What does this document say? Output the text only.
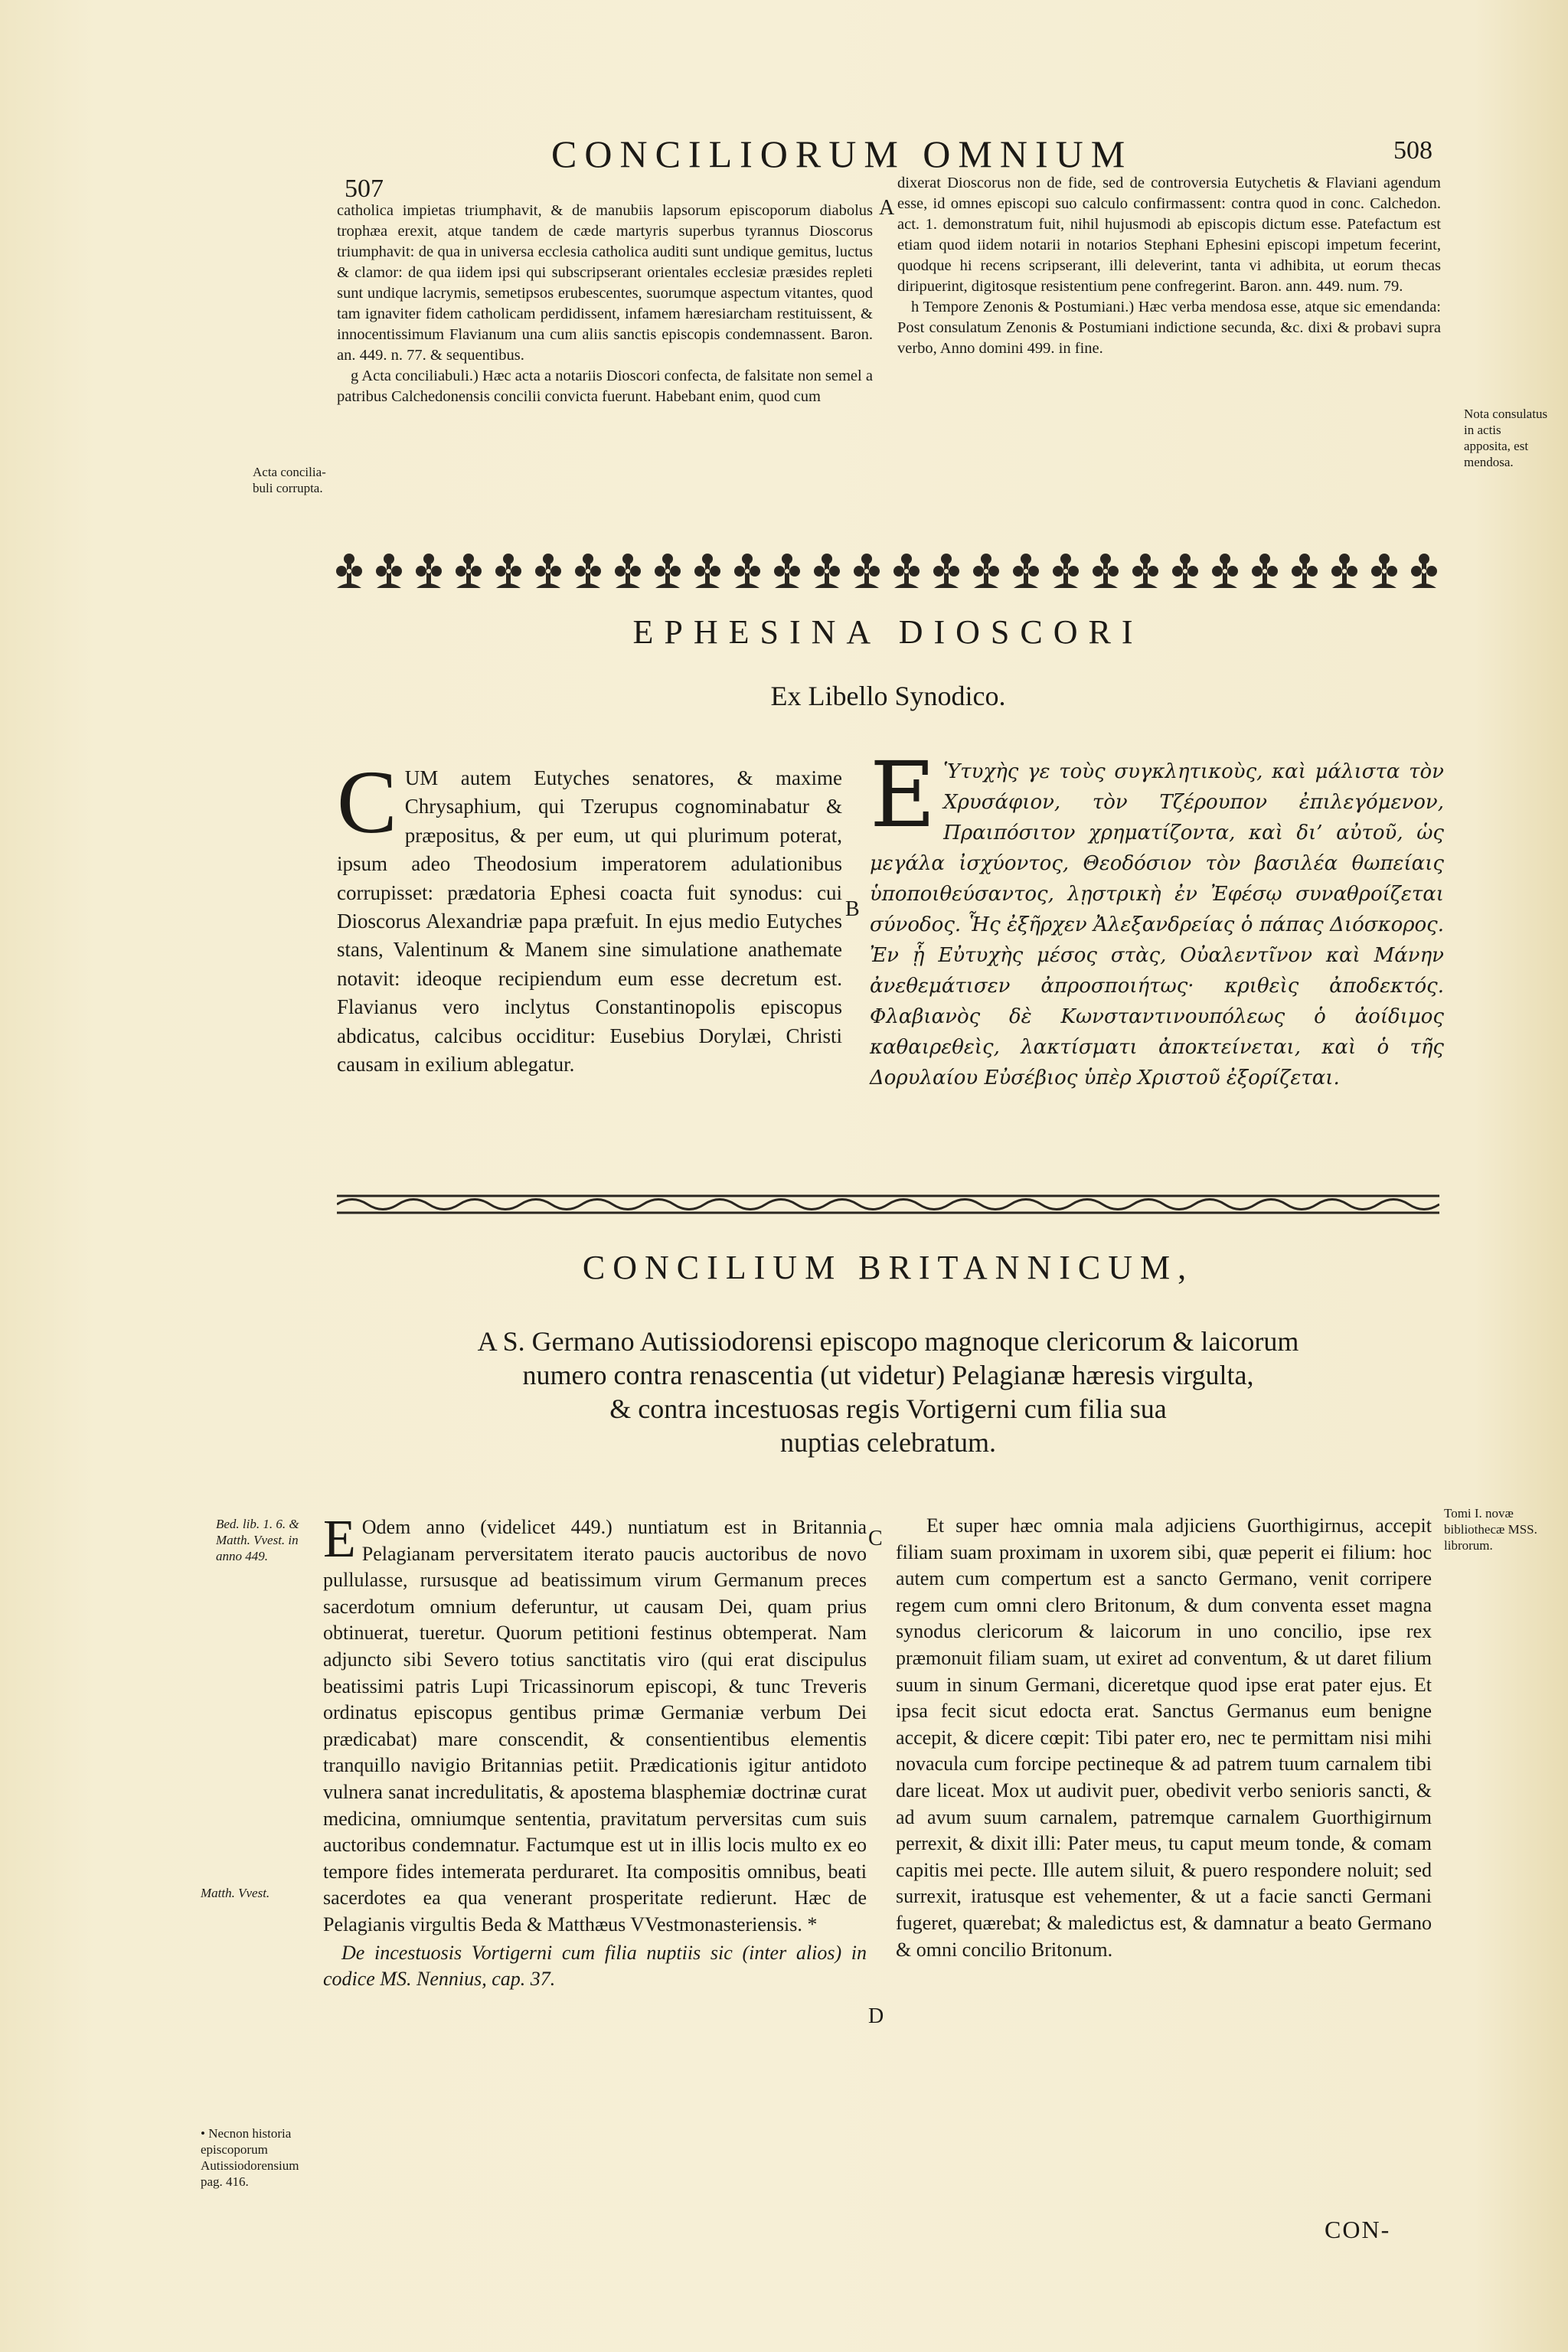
507
CONCILIORUM OMNIUM	508

catholica impietas triumphavit, & de manubiis lapsorum episcoporum diabolus trophæa erexit, atque tandem de cæde martyris superbus tyrannus Dioscorus triumphavit: de qua in universa ecclesia catholica auditi sunt undique gemitus, luctus & clamor: de qua iidem ipsi qui subscripserant orientales ecclesiæ præsides repleti sunt undique lacrymis, semetipsos erubescentes, suorumque aspectum vitantes, quod tam ignaviter fidem catholicam perdidissent, infamem hæresiarcham restituissent, & innocentissimum Flavianum una cum aliis sanctis episcopis condemnassent. Baron. an. 449. n. 77. & sequentibus.

g Acta conciliabuli.) Hæc acta a notariis Dioscori confecta, de falsitate non semel a patribus Calchedonensis concilii convicta fuerunt. Habebant enim, quod cum

Acta concilia-buli corrupta.
A

dixerat Dioscorus non de fide, sed de controversia Eutychetis & Flaviani agendum esse, id omnes episcopi suo calculo confirmassent: contra quod in conc. Calchedon. act. 1. demonstratum fuit, nihil hujusmodi ab episcopis dictum esse. Patefactum est etiam quod iidem notarii in notarios Stephani Ephesini episcopi impetum fecerint, quodque hi recens scripserant, illi deleverint, tanta vi adhibita, ut eorum thecas diripuerint, digitosque resistentium pene confregerint. Baron. ann. 449. num. 79.

h Tempore Zenonis & Postumiani.) Hæc verba mendosa esse, atque sic emendanda: Post consulatum Zenonis & Postumiani indictione secunda, &c. dixi & probavi supra verbo, Anno domini 499. in fine.

Nota consulatus in actis apposita, est mendosa.
EPHESINA DIOSCORI
Ex Libello Synodico.
C UM autem Eutyches senatores, & maxime Chrysaphium, qui Tzerupus cognominabatur & præpositus, & per eum, ut qui plurimum poterat, ipsum adeo Theodosium imperatorem adulationibus corrupisset: prædatoria Ephesi coacta fuit synodus: cui Dioscorus Alexandriæ papa præfuit. In ejus medio Eutyches stans, Valentinum & Manem sine simulatione anathemate notavit: ideoque recipiendum eum esse decretum est. Flavianus vero inclytus Constantinopolis episcopus abdicatus, calcibus occiditur: Eusebius Dorylæi, Christi causam in exilium ablegatur.
B
E Ὑτυχὴς γε τοὺς συγκλητικοὺς, καὶ μάλιστα τὸν Χρυσάφιον, τὸν Τζέρουπον ἐπιλεγόμενον, Πραιπόσιτον χρηματίζοντα, καὶ δι’ αὐτοῦ, ὡς μεγάλα ἰσχύοντος, Θεοδόσιον τὸν βασιλέα θωπείαις ὑποποιθεύσαντος, λῃστρικὴ ἐν Ἐφέσῳ συναθροίζεται σύνοδος. Ἧς ἐξῆρχεν Ἀλεξανδρείας ὁ πάπας Διόσκορος. Ἐν ᾗ Εὐτυχὴς μέσος στὰς, Οὐαλεντῖνον καὶ Μάνην ἀνεθεμάτισεν ἀπροσποιήτως· κριθεὶς ἀποδεκτός. Φλαβιανὸς δὲ Κωνσταντινουπόλεως ὁ ἀοίδιμος καθαιρεθεὶς, λακτίσματι ἀποκτείνεται, καὶ ὁ τῆς Δορυλαίου Εὐσέβιος ὑπὲρ Χριστοῦ ἐξορίζεται.
CONCILIUM BRITANNICUM,
A S. Germano Autissiodorensi episcopo magnoque clericorum & laicorum
numero contra renascentia (ut videtur) Pelagianæ hæresis virgulta,
& contra incestuosas regis Vortigerni cum filia sua
nuptias celebratum.
Bed. lib. 1. 6. & Matth. Vvest. in anno 449.
Matth. Vvest.
• Necnon historia episcoporum Autissiodorensium pag. 416.
E Odem anno (videlicet 449.) nuntiatum est in Britannia Pelagianam perversitatem iterato paucis auctoribus de novo pullulasse, rursusque ad beatissimum virum Germanum preces sacerdotum omnium deferuntur, ut causam Dei, quam prius obtinuerat, tueretur. Quorum petitioni festinus obtemperat. Nam adjuncto sibi Severo totius sanctitatis viro (qui erat discipulus beatissimi patris Lupi Tricassinorum episcopi, & tunc Treveris ordinatus episcopus gentibus primæ Germaniæ verbum Dei prædicabat) mare conscendit, & consentientibus elementis tranquillo navigio Britannias petiit. Prædicationis igitur antidoto vulnera sanat incredulitatis, & apostema blasphemiæ doctrinæ curat medicina, omniumque sententia, pravitatum perversitas cum suis auctoribus condemnatur. Factumque est ut in illis locis multo ex eo tempore fides intemerata perduraret. Ita compositis omnibus, beati sacerdotes ea qua venerant prosperitate redierunt. Hæc de Pelagianis virgultis Beda & Matthæus VVestmonasteriensis. *
De incestuosis Vortigerni cum filia nuptiis sic (inter alios) in codice MS. Nennius, cap. 37.
C
D
Et super hæc omnia mala adjiciens Guorthigirnus, accepit filiam suam proximam in uxorem sibi, quæ peperit ei filium: hoc autem cum compertum est a sancto Germano, venit corripere regem cum omni clero Britonum, & dum conventa esset magna synodus clericorum & laicorum in uno concilio, ipse rex præmonuit filiam suam, ut exiret ad conventum, & ut daret filium suum in sinum Germani, diceretque quod ipse erat pater ejus. Et ipsa fecit sicut edocta erat. Sanctus Germanus eum benigne accepit, & dicere cœpit: Tibi pater ero, nec te permittam nisi mihi novacula cum forcipe pectineque & ad patrem tuum carnalem tibi dare liceat. Mox ut audivit puer, obedivit verbo senioris sancti, & ad avum suum carnalem, patremque carnalem Guorthigirnum perrexit, & dixit illi: Pater meus, tu caput meum tonde, & comam capitis mei pecte. Ille autem siluit, & puero respondere noluit; sed surrexit, iratusque est vehementer, & ut a facie sancti Germani fugeret, quærebat; & maledictus est, & damnatur a beato Germano & omni concilio Britonum.
Tomi I. novæ bibliothecæ MSS. librorum.
CON-
